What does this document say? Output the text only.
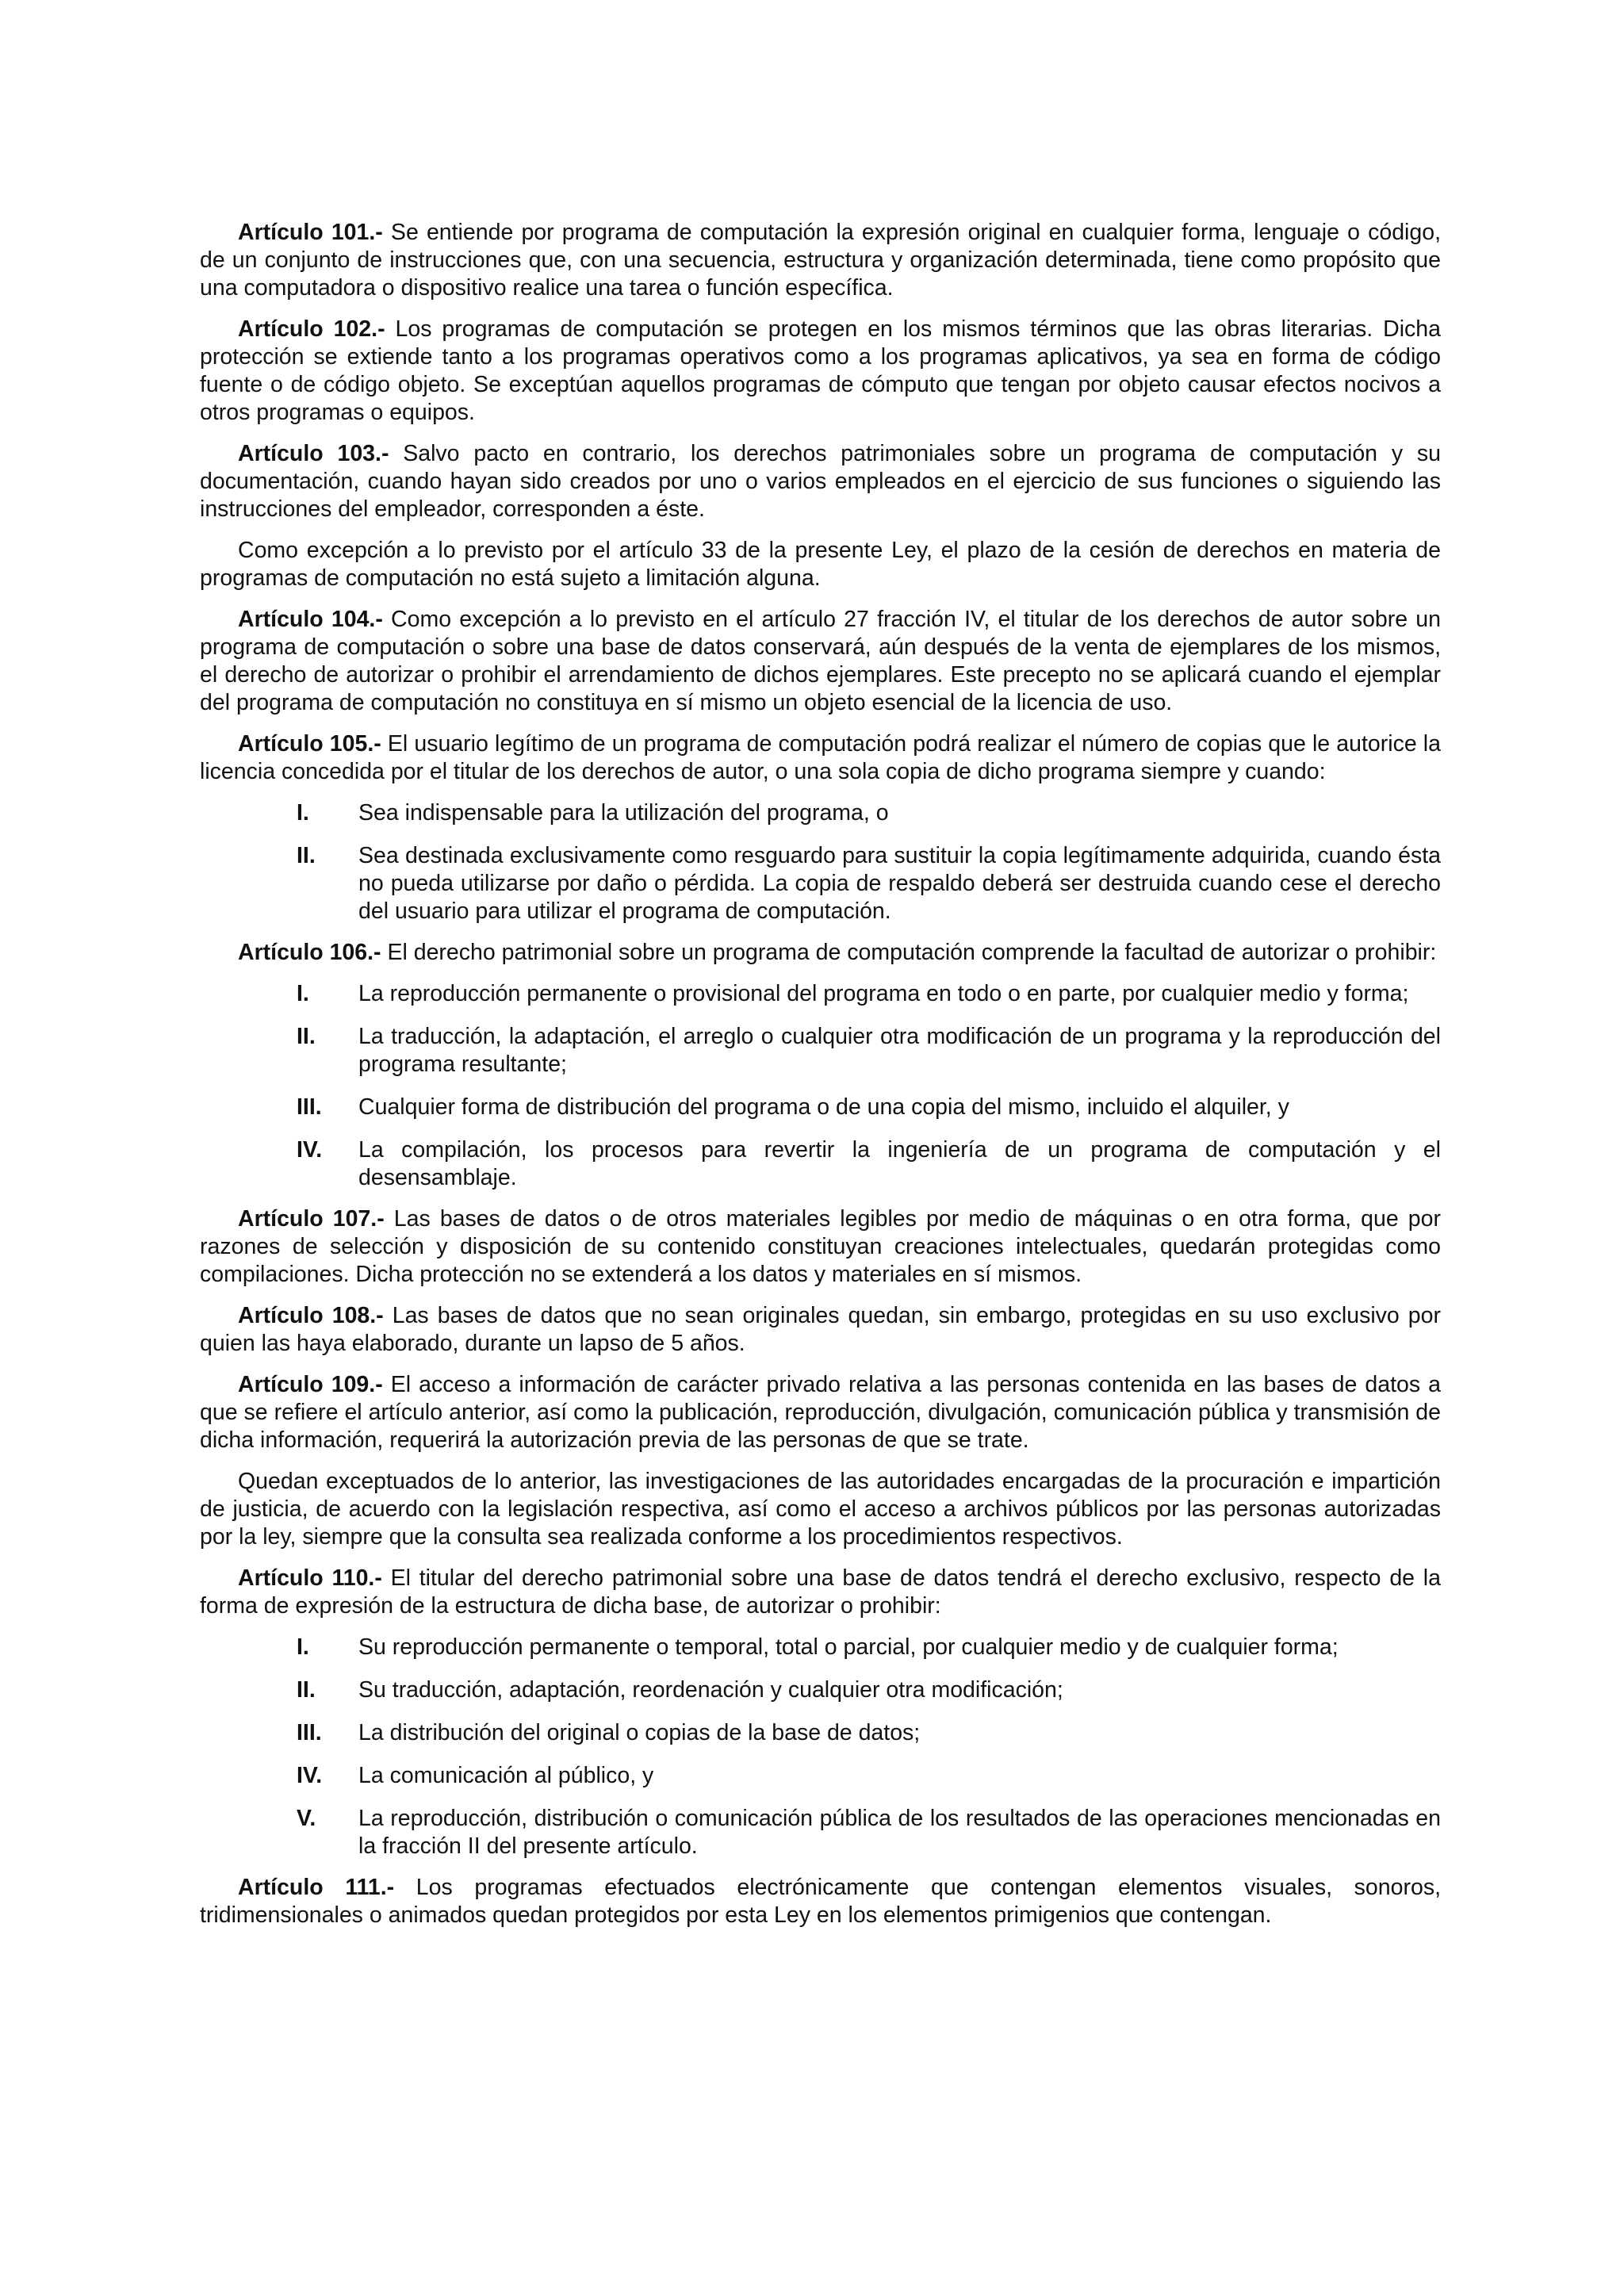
Artículo 101.- Se entiende por programa de computación la expresión original en cualquier forma, lenguaje o código, de un conjunto de instrucciones que, con una secuencia, estructura y organización determinada, tiene como propósito que una computadora o dispositivo realice una tarea o función específica.

Artículo 102.- Los programas de computación se protegen en los mismos términos que las obras literarias. Dicha protección se extiende tanto a los programas operativos como a los programas aplicativos, ya sea en forma de código fuente o de código objeto. Se exceptúan aquellos programas de cómputo que tengan por objeto causar efectos nocivos a otros programas o equipos.

Artículo 103.- Salvo pacto en contrario, los derechos patrimoniales sobre un programa de computación y su documentación, cuando hayan sido creados por uno o varios empleados en el ejercicio de sus funciones o siguiendo las instrucciones del empleador, corresponden a éste.

Como excepción a lo previsto por el artículo 33 de la presente Ley, el plazo de la cesión de derechos en materia de programas de computación no está sujeto a limitación alguna.

Artículo 104.- Como excepción a lo previsto en el artículo 27 fracción IV, el titular de los derechos de autor sobre un programa de computación o sobre una base de datos conservará, aún después de la venta de ejemplares de los mismos, el derecho de autorizar o prohibir el arrendamiento de dichos ejemplares. Este precepto no se aplicará cuando el ejemplar del programa de computación no constituya en sí mismo un objeto esencial de la licencia de uso.

Artículo 105.- El usuario legítimo de un programa de computación podrá realizar el número de copias que le autorice la licencia concedida por el titular de los derechos de autor, o una sola copia de dicho programa siempre y cuando:

I. Sea indispensable para la utilización del programa, o
II. Sea destinada exclusivamente como resguardo para sustituir la copia legítimamente adquirida, cuando ésta no pueda utilizarse por daño o pérdida. La copia de respaldo deberá ser destruida cuando cese el derecho del usuario para utilizar el programa de computación.

Artículo 106.- El derecho patrimonial sobre un programa de computación comprende la facultad de autorizar o prohibir:

I. La reproducción permanente o provisional del programa en todo o en parte, por cualquier medio y forma;
II. La traducción, la adaptación, el arreglo o cualquier otra modificación de un programa y la reproducción del programa resultante;
III. Cualquier forma de distribución del programa o de una copia del mismo, incluido el alquiler, y
IV. La compilación, los procesos para revertir la ingeniería de un programa de computación y el desensamblaje.

Artículo 107.- Las bases de datos o de otros materiales legibles por medio de máquinas o en otra forma, que por razones de selección y disposición de su contenido constituyan creaciones intelectuales, quedarán protegidas como compilaciones. Dicha protección no se extenderá a los datos y materiales en sí mismos.

Artículo 108.- Las bases de datos que no sean originales quedan, sin embargo, protegidas en su uso exclusivo por quien las haya elaborado, durante un lapso de 5 años.

Artículo 109.- El acceso a información de carácter privado relativa a las personas contenida en las bases de datos a que se refiere el artículo anterior, así como la publicación, reproducción, divulgación, comunicación pública y transmisión de dicha información, requerirá la autorización previa de las personas de que se trate.

Quedan exceptuados de lo anterior, las investigaciones de las autoridades encargadas de la procuración e impartición de justicia, de acuerdo con la legislación respectiva, así como el acceso a archivos públicos por las personas autorizadas por la ley, siempre que la consulta sea realizada conforme a los procedimientos respectivos.

Artículo 110.- El titular del derecho patrimonial sobre una base de datos tendrá el derecho exclusivo, respecto de la forma de expresión de la estructura de dicha base, de autorizar o prohibir:

I. Su reproducción permanente o temporal, total o parcial, por cualquier medio y de cualquier forma;
II. Su traducción, adaptación, reordenación y cualquier otra modificación;
III. La distribución del original o copias de la base de datos;
IV. La comunicación al público, y
V. La reproducción, distribución o comunicación pública de los resultados de las operaciones mencionadas en la fracción II del presente artículo.

Artículo 111.- Los programas efectuados electrónicamente que contengan elementos visuales, sonoros, tridimensionales o animados quedan protegidos por esta Ley en los elementos primigenios que contengan.
